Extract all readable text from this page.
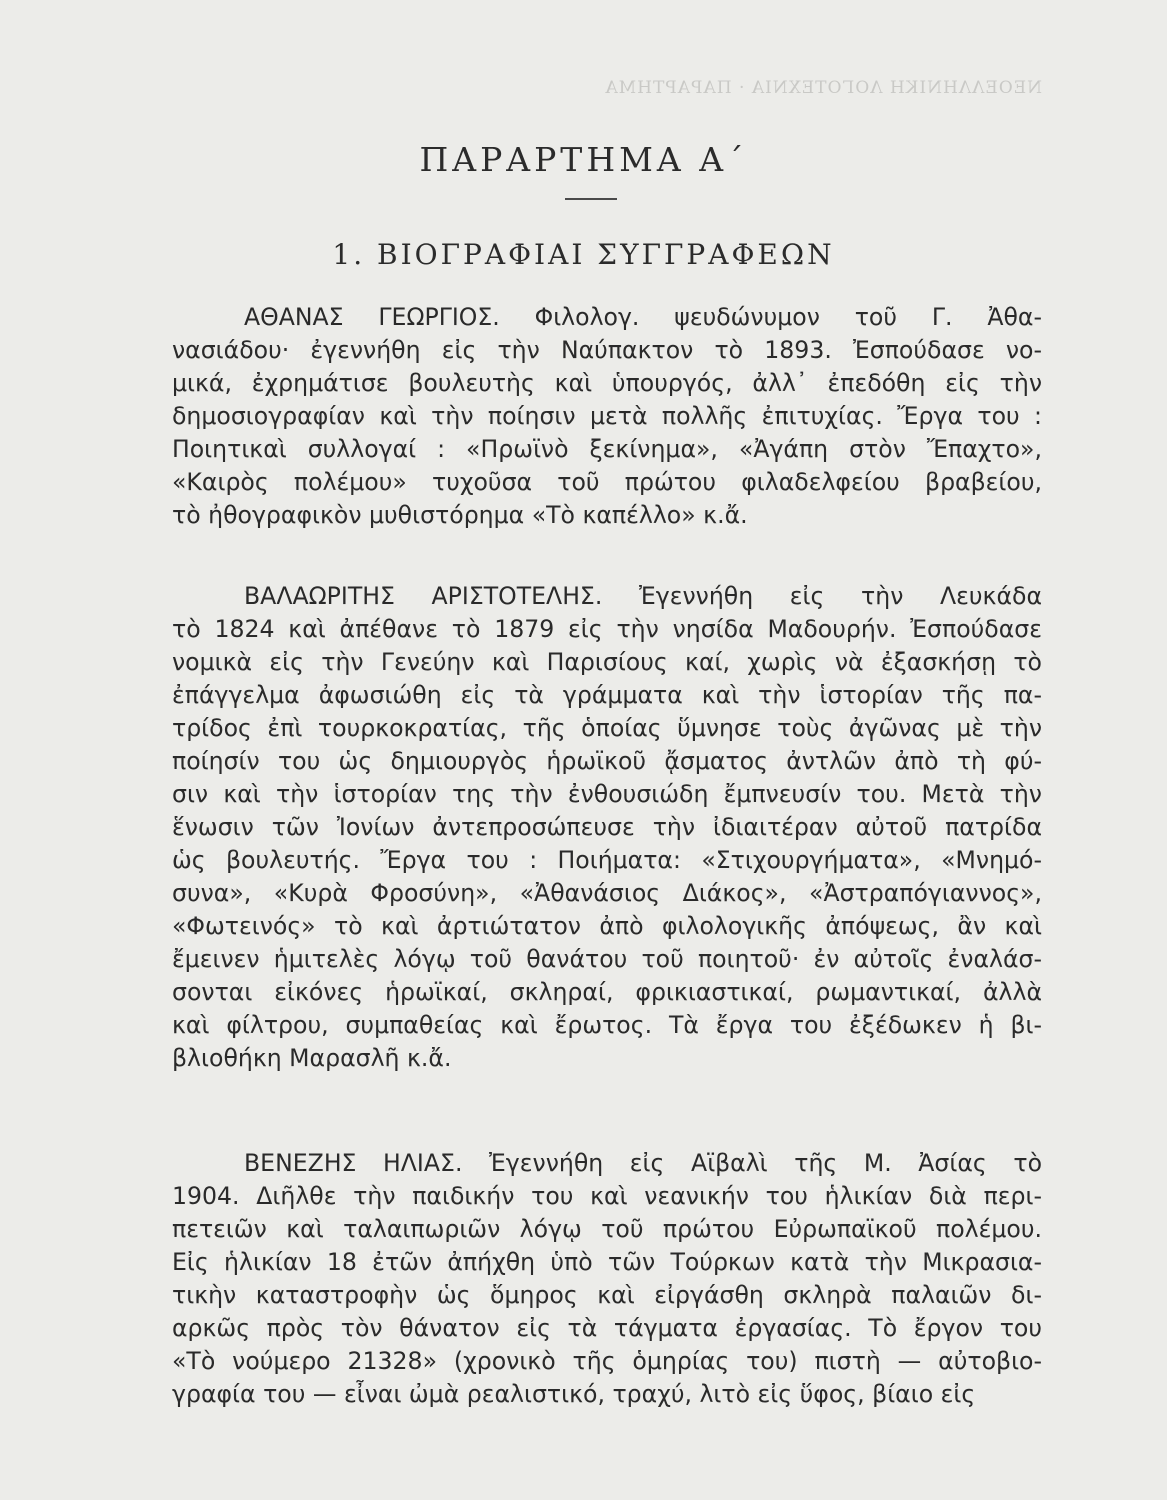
ΝΕΟΕΛΛΗΝΙΚΗ ΛΟΓΟΤΕΧΝΙΑ · ΠΑΡΑΡΤΗΜΑ
ΠΑΡΑΡΤΗΜΑ Α΄
1. ΒΙΟΓΡΑΦΙΑΙ ΣΥΓΓΡΑΦΕΩΝ
ΑΘΑΝΑΣ ΓΕΩΡΓΙΟΣ. Φιλολογ. ψευδώνυμον τοῦ Γ. Ἀθα-
νασιάδου· ἐγεννήθη εἰς τὴν Ναύπακτον τὸ 1893. Ἐσπούδασε νο-
μικά, ἐχρημάτισε βουλευτὴς καὶ ὑπουργός, ἀλλ᾿ ἐπεδόθη εἰς τὴν
δημοσιογραφίαν καὶ τὴν ποίησιν μετὰ πολλῆς ἐπιτυχίας. Ἔργα του :
Ποιητικαὶ συλλογαί : «Πρωϊνὸ ξεκίνημα», «Ἀγάπη στὸν Ἔπαχτο»,
«Καιρὸς πολέμου» τυχοῦσα τοῦ πρώτου φιλαδελφείου βραβείου,
τὸ ἠθογραφικὸν μυθιστόρημα «Τὸ καπέλλο» κ.ἄ.
ΒΑΛΑΩΡΙΤΗΣ ΑΡΙΣΤΟΤΕΛΗΣ. Ἐγεννήθη εἰς τὴν Λευκάδα
τὸ 1824 καὶ ἀπέθανε τὸ 1879 εἰς τὴν νησίδα Μαδουρήν. Ἐσπούδασε
νομικὰ εἰς τὴν Γενεύην καὶ Παρισίους καί, χωρὶς νὰ ἐξασκήσῃ τὸ
ἐπάγγελμα ἀφωσιώθη εἰς τὰ γράμματα καὶ τὴν ἱστορίαν τῆς πα-
τρίδος ἐπὶ τουρκοκρατίας, τῆς ὁποίας ὕμνησε τοὺς ἀγῶνας μὲ τὴν
ποίησίν του ὡς δημιουργὸς ἡρωϊκοῦ ᾄσματος ἀντλῶν ἀπὸ τὴ φύ-
σιν καὶ τὴν ἱστορίαν της τὴν ἐνθουσιώδη ἔμπνευσίν του. Μετὰ τὴν
ἕνωσιν τῶν Ἰονίων ἀντεπροσώπευσε τὴν ἰδιαιτέραν αὐτοῦ πατρίδα
ὡς βουλευτής. Ἔργα του : Ποιήματα: «Στιχουργήματα», «Μνημό-
συνα», «Κυρὰ Φροσύνη», «Ἀθανάσιος Διάκος», «Ἀστραπόγιαννος»,
«Φωτεινός» τὸ καὶ ἀρτιώτατον ἀπὸ φιλολογικῆς ἀπόψεως, ἂν καὶ
ἔμεινεν ἡμιτελὲς λόγῳ τοῦ θανάτου τοῦ ποιητοῦ· ἐν αὐτοῖς ἐναλάσ-
σονται εἰκόνες ἡρωϊκαί, σκληραί, φρικιαστικαί, ρωμαντικαί, ἀλλὰ
καὶ φίλτρου, συμπαθείας καὶ ἔρωτος. Τὰ ἔργα του ἐξέδωκεν ἡ βι-
βλιοθήκη Μαρασλῆ κ.ἄ.
ΒΕΝΕΖΗΣ ΗΛΙΑΣ. Ἐγεννήθη εἰς Αϊβαλὶ τῆς Μ. Ἀσίας τὸ
1904. Διῆλθε τὴν παιδικήν του καὶ νεανικήν του ἡλικίαν διὰ περι-
πετειῶν καὶ ταλαιπωριῶν λόγῳ τοῦ πρώτου Εὐρωπαϊκοῦ πολέμου.
Εἰς ἡλικίαν 18 ἐτῶν ἀπήχθη ὑπὸ τῶν Τούρκων κατὰ τὴν Μικρασια-
τικὴν καταστροφὴν ὡς ὅμηρος καὶ εἰργάσθη σκληρὰ παλαιῶν δι-
αρκῶς πρὸς τὸν θάνατον εἰς τὰ τάγματα ἐργασίας. Τὸ ἔργον του
«Τὸ νούμερο 21328» (χρονικὸ τῆς ὁμηρίας του) πιστὴ — αὐτοβιο-
γραφία του — εἶναι ὠμὰ ρεαλιστικό, τραχύ, λιτὸ εἰς ὕφος, βίαιο εἰς
